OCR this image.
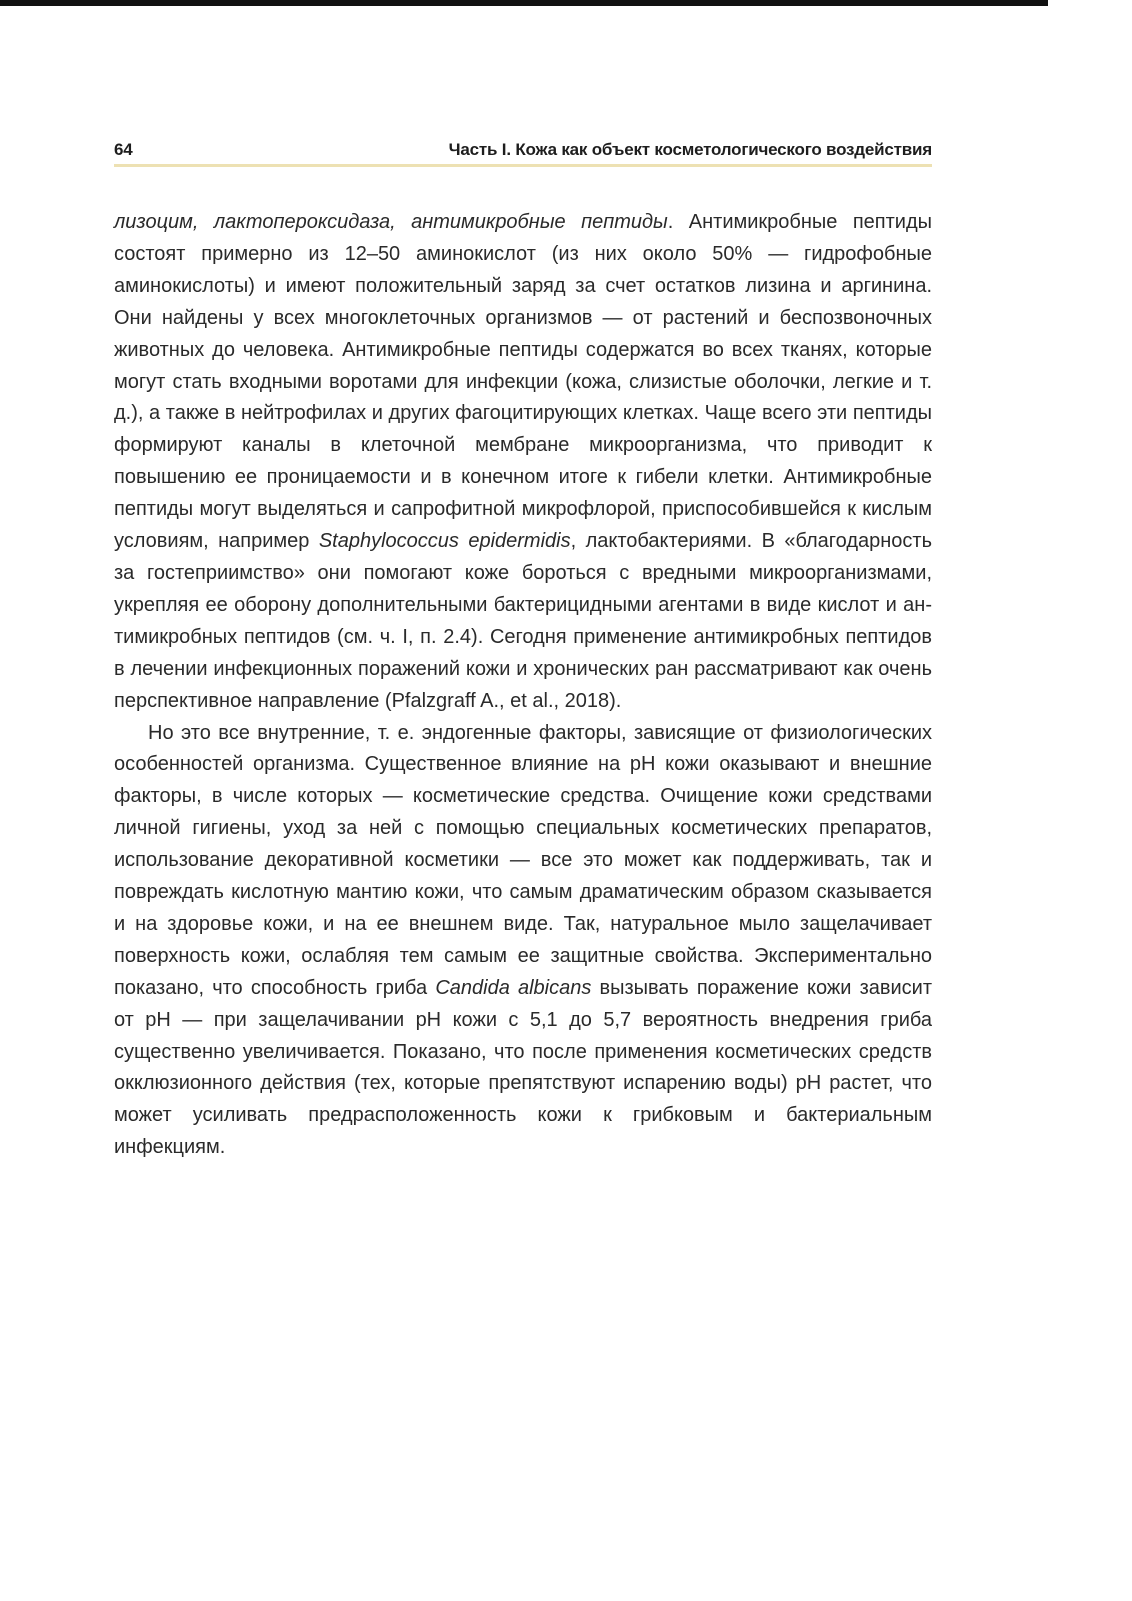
64	Часть I. Кожа как объект косметологического воздействия

лизоцим, лактопероксидаза, антимикробные пептиды. Антимикробные пептиды состоят примерно из 12–50 аминокислот (из них около 50% — гидрофобные аминокислоты) и имеют положительный заряд за счет остатков лизина и аргинина. Они найдены у всех многоклеточных организмов — от растений и беспозвоночных животных до человека. Антимикробные пептиды содержатся во всех тканях, которые могут стать входными воротами для инфекции (кожа, слизистые оболочки, легкие и т. д.), а также в нейтрофилах и других фагоцитирующих клетках. Чаще всего эти пептиды формируют каналы в клеточной мембране микроорганизма, что приводит к повышению ее проницаемости и в конечном итоге к гибели клетки. Антимикробные пептиды могут выделяться и сапрофитной микрофлорой, приспособившейся к кислым условиям, например Staphylococcus epidermidis, лактобактериями. В «благодарность за гостеприимство» они помогают коже бороться с вредными микроорганизмами, укрепляя ее оборону дополнительными бактерицидными агентами в виде кислот и антимикробных пептидов (см. ч. I, п. 2.4). Сегодня применение антимикробных пептидов в лечении инфекционных поражений кожи и хронических ран рассматривают как очень перспективное направление (Pfalzgraff A., et al., 2018).

Но это все внутренние, т. е. эндогенные факторы, зависящие от физиологических особенностей организма. Существенное влияние на pH кожи оказывают и внешние факторы, в числе которых — косметические средства. Очищение кожи средствами личной гигиены, уход за ней с помощью специальных косметических препаратов, использование декоративной косметики — все это может как поддерживать, так и повреждать кислотную мантию кожи, что самым драматическим образом сказывается и на здоровье кожи, и на ее внешнем виде. Так, натуральное мыло защелачивает поверхность кожи, ослабляя тем самым ее защитные свойства. Экспериментально показано, что способность гриба Candida albicans вызывать поражение кожи зависит от pH — при защелачивании pH кожи с 5,1 до 5,7 вероятность внедрения гриба существенно увеличивается. Показано, что после применения косметических средств окклюзионного действия (тех, которые препятствуют испарению воды) pH растет, что может усиливать предрасположенность кожи к грибковым и бактериальным инфекциям.
